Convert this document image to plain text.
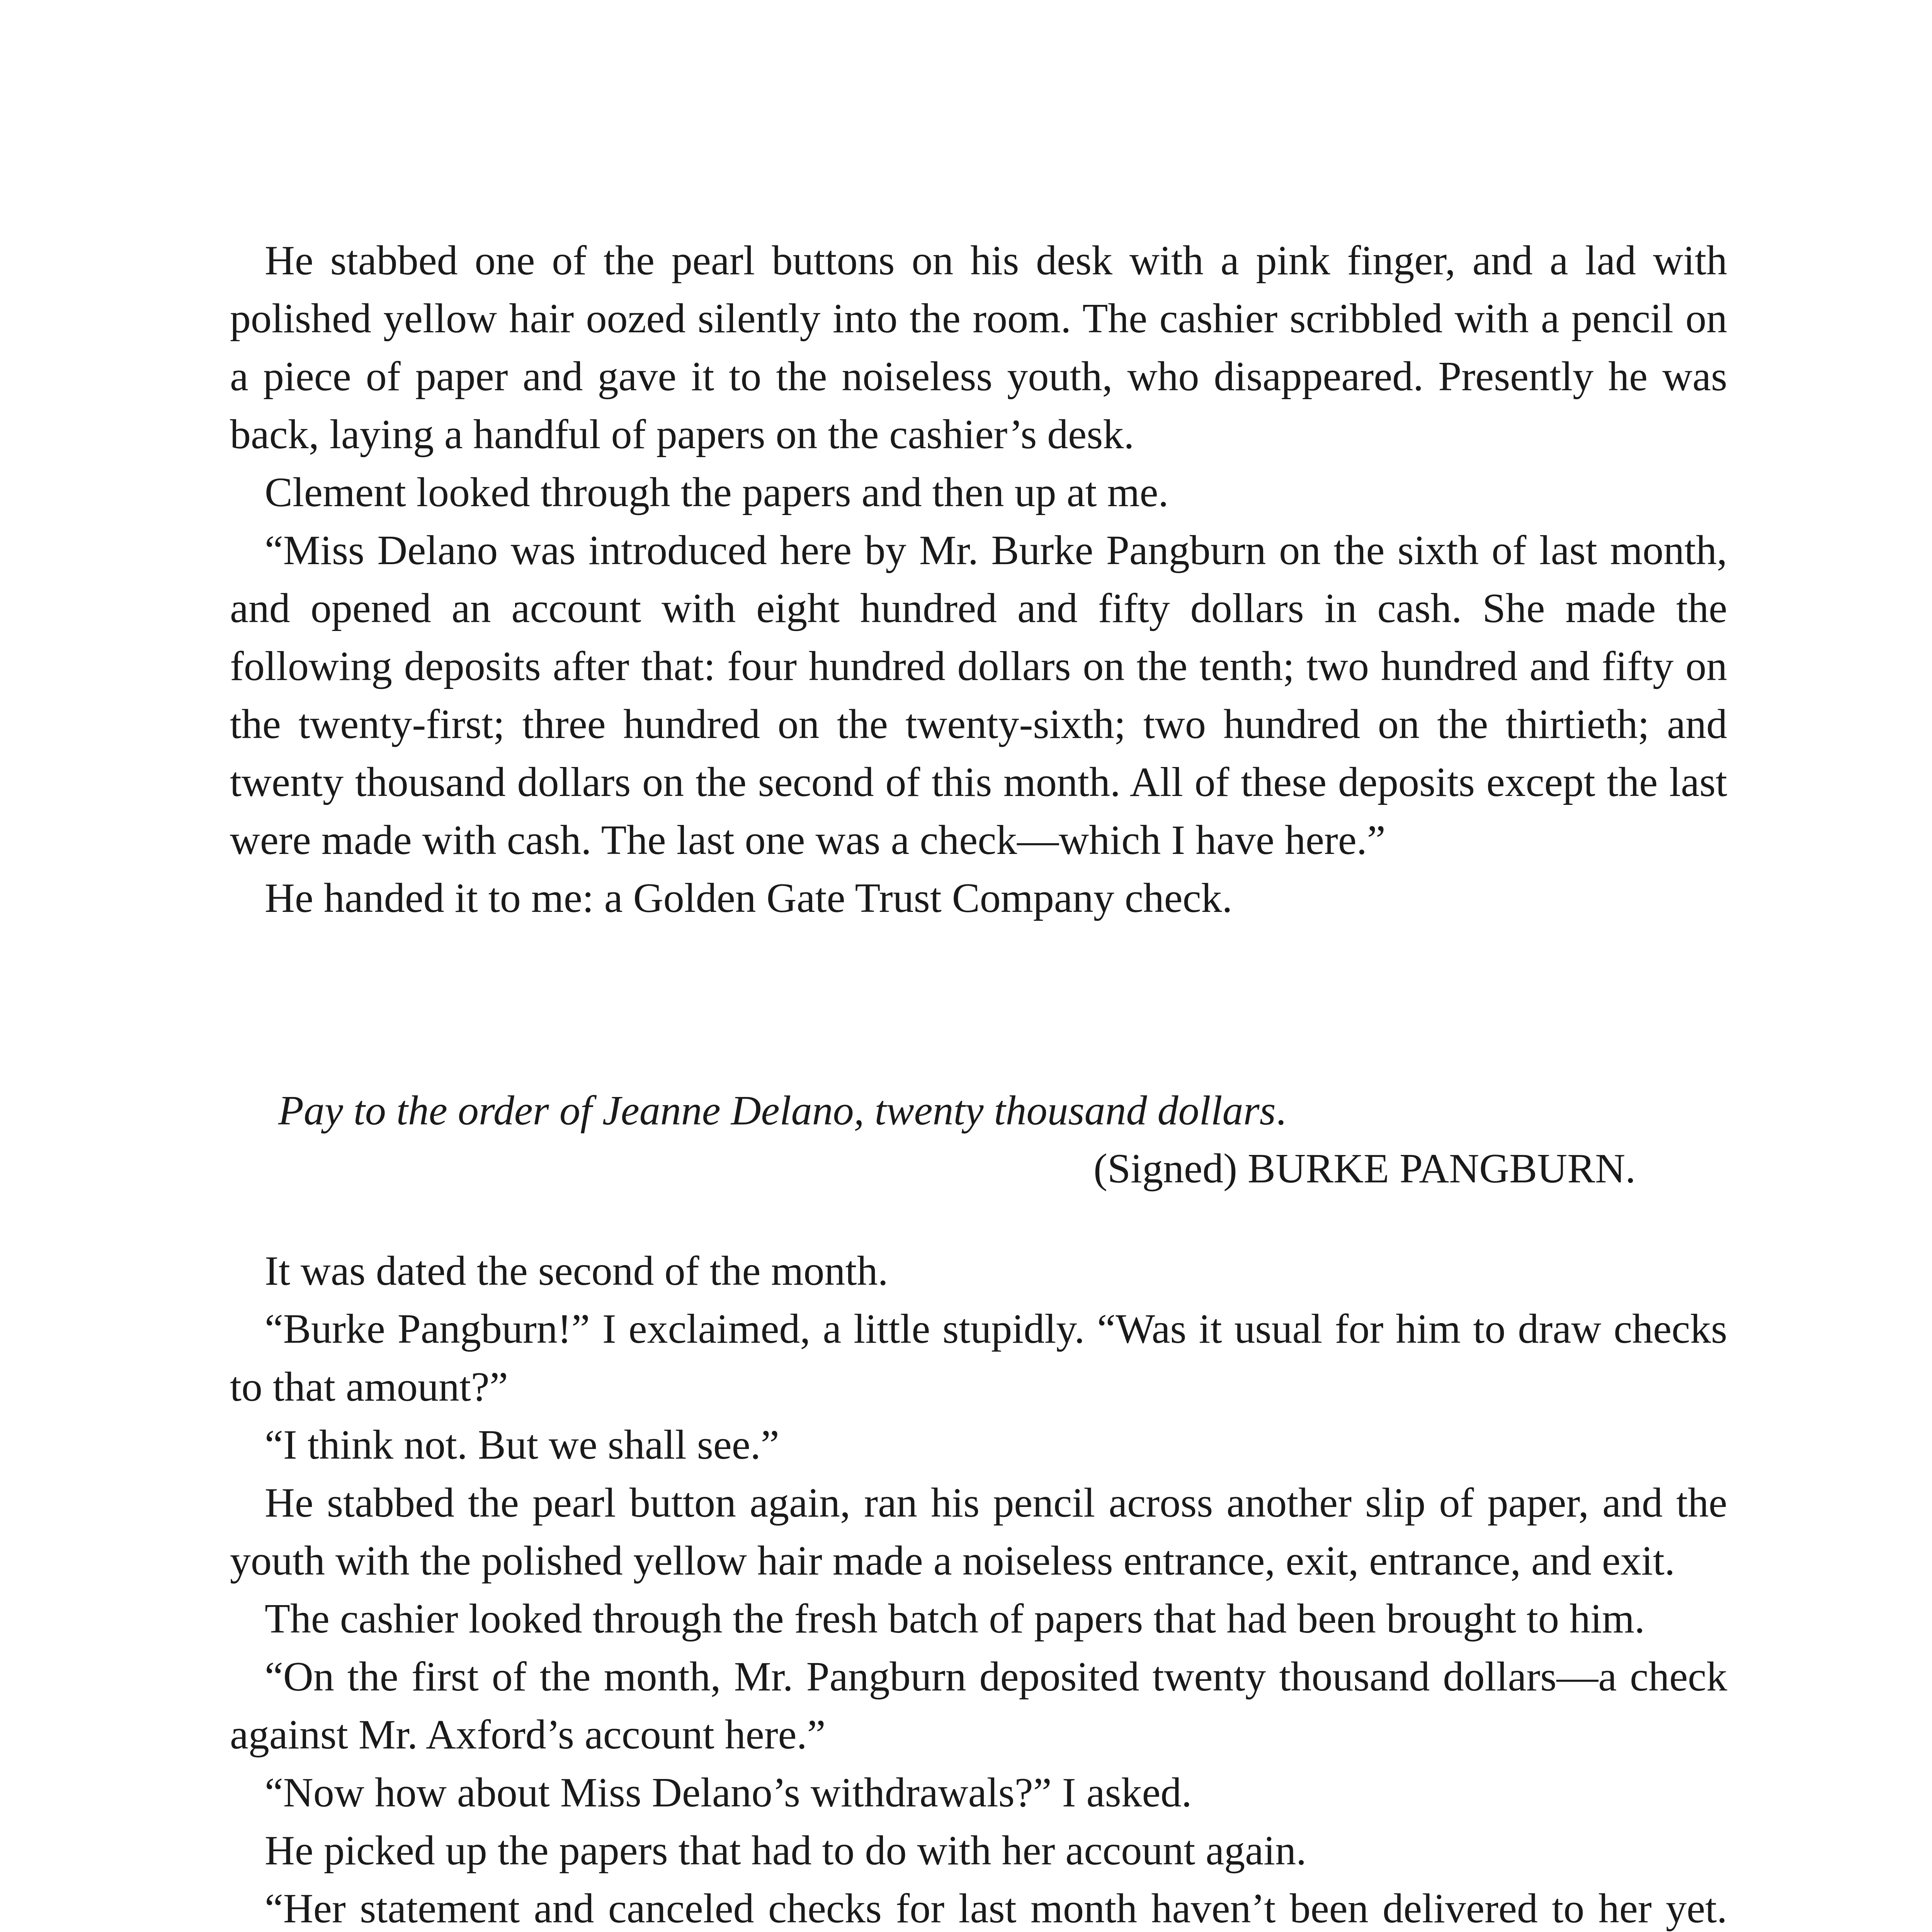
He stabbed one of the pearl buttons on his desk with a pink finger, and a lad with polished yellow hair oozed silently into the room. The cashier scribbled with a pencil on a piece of paper and gave it to the noiseless youth, who disappeared. Presently he was back, laying a handful of papers on the cashier’s desk.

Clement looked through the papers and then up at me.

“Miss Delano was introduced here by Mr. Burke Pangburn on the sixth of last month, and opened an account with eight hundred and fifty dollars in cash. She made the following deposits after that: four hundred dollars on the tenth; two hundred and fifty on the twenty-first; three hundred on the twenty-sixth; two hundred on the thirtieth; and twenty thousand dollars on the second of this month. All of these deposits except the last were made with cash. The last one was a check—which I have here.”

He handed it to me: a Golden Gate Trust Company check.

Pay to the order of Jeanne Delano, twenty thousand dollars.

(Signed) BURKE PANGBURN.

It was dated the second of the month.

“Burke Pangburn!” I exclaimed, a little stupidly. “Was it usual for him to draw checks to that amount?”

“I think not. But we shall see.”

He stabbed the pearl button again, ran his pencil across another slip of paper, and the youth with the polished yellow hair made a noiseless entrance, exit, entrance, and exit.

The cashier looked through the fresh batch of papers that had been brought to him.

“On the first of the month, Mr. Pangburn deposited twenty thousand dollars—a check against Mr. Axford’s account here.”

“Now how about Miss Delano’s withdrawals?” I asked.

He picked up the papers that had to do with her account again.

“Her statement and canceled checks for last month haven’t been delivered to her yet.
